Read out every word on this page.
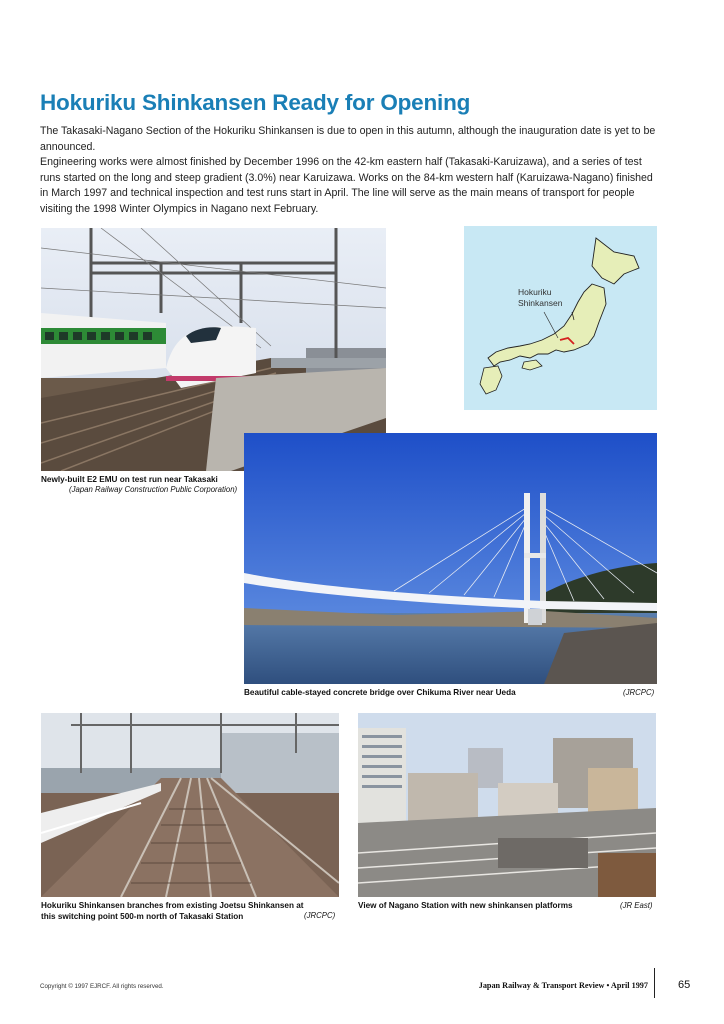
Hokuriku Shinkansen Ready for Opening

The Takasaki-Nagano Section of the Hokuriku Shinkansen is due to open in this autumn, although the inauguration date is yet to be announced.

Engineering works were almost finished by December 1996 on the 42-km eastern half (Takasaki-Karuizawa), and a series of test runs started on the long and steep gradient (3.0%) near Karuizawa. Works on the 84-km western half (Karuizawa-Nagano) finished in March 1997 and technical inspection and test runs start in April. The line will serve as the main means of transport for people visiting the 1998 Winter Olympics in Nagano next February.

Newly-built E2 EMU on test run near Takasaki
(Japan Railway Construction Public Corporation)
Hokuriku
Shinkansen
Beautiful cable-stayed concrete bridge over Chikuma River near Ueda	(JRCPC)
Hokuriku Shinkansen branches from existing Joetsu Shinkansen at
this switching point 500-m north of Takasaki Station	(JRCPC)
View of Nagano Station with new shinkansen platforms	(JR East)
Copyright © 1997 EJRCF. All rights reserved.	Japan Railway & Transport Review • April 1997	65
